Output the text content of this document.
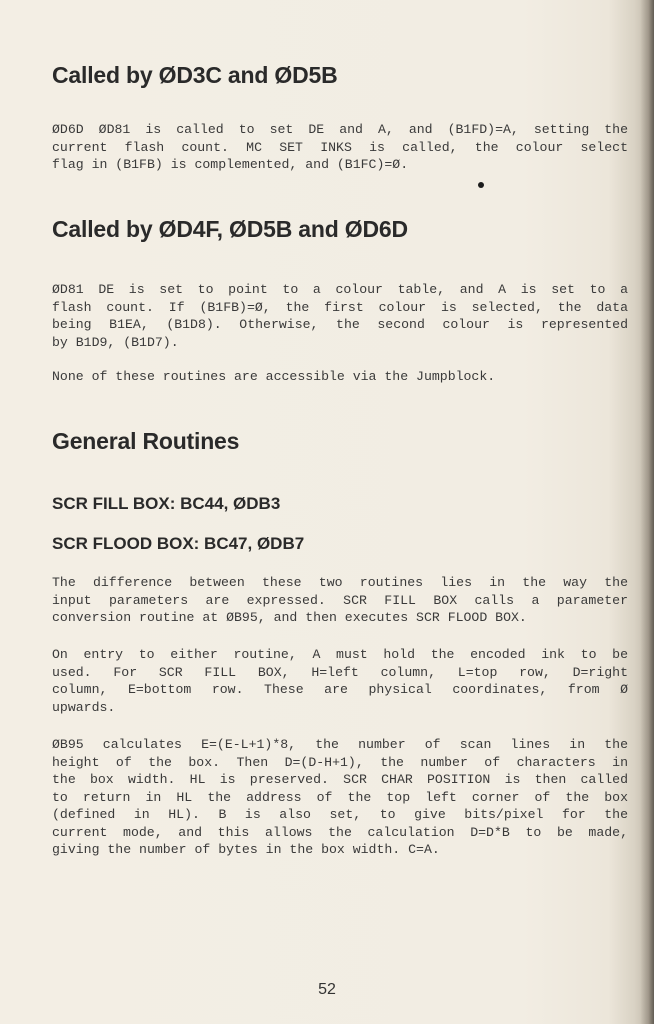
Called by ØD3C and ØD5B
ØD6D ØD81 is called to set DE and A, and (B1FD)=A, setting the
current flash count. MC SET INKS is called, the colour select
flag in (B1FB) is complemented, and (B1FC)=Ø.
Called by ØD4F, ØD5B and ØD6D
ØD81 DE is set to point to a colour table, and A is set to a
flash count. If (B1FB)=Ø, the first colour is selected, the data
being B1EA, (B1D8). Otherwise, the second colour is represented
by B1D9, (B1D7).
None of these routines are accessible via the Jumpblock.
General Routines
SCR FILL BOX: BC44, ØDB3
SCR FLOOD BOX: BC47, ØDB7
The difference between these two routines lies in the way the
input parameters are expressed. SCR FILL BOX calls a parameter
conversion routine at ØB95, and then executes SCR FLOOD BOX.
On entry to either routine, A must hold the encoded ink to be
used. For SCR FILL BOX, H=left column, L=top row, D=right
column, E=bottom row. These are physical coordinates, from Ø
upwards.
ØB95 calculates E=(E-L+1)*8, the number of scan lines in the
height of the box. Then D=(D-H+1), the number of characters in
the box width. HL is preserved. SCR CHAR POSITION is then called
to return in HL the address of the top left corner of the box
(defined in HL). B is also set, to give bits/pixel for the
current mode, and this allows the calculation D=D*B to be made,
giving the number of bytes in the box width. C=A.
52
